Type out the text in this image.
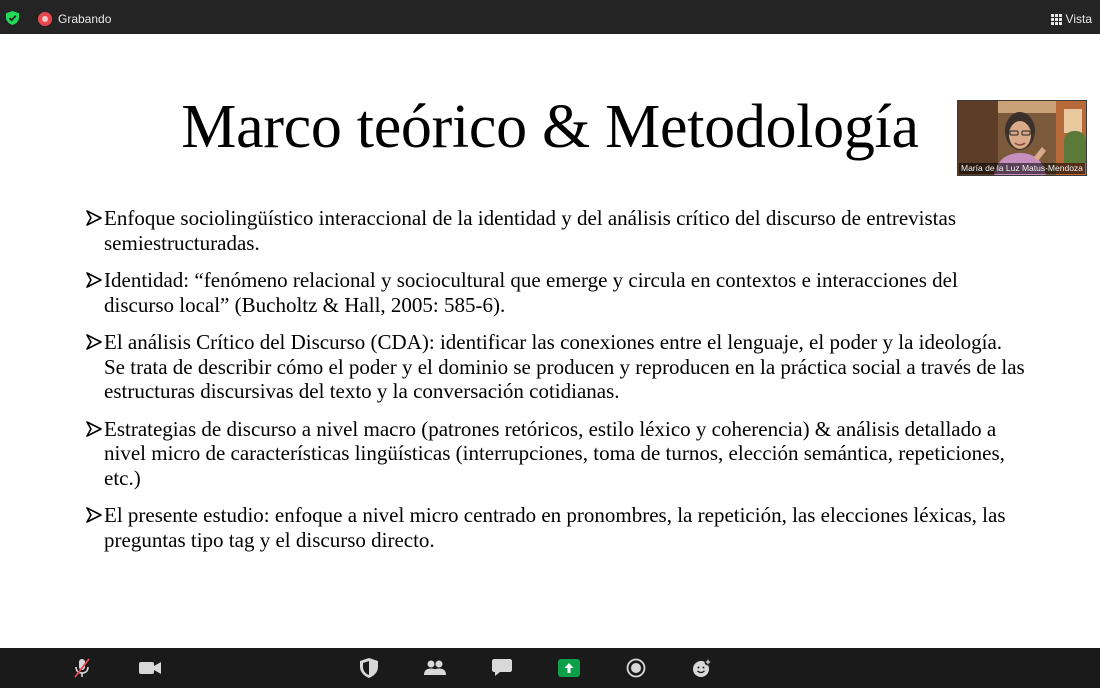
Grabando	Vista
Marco teórico & Metodología
Enfoque sociolingüístico interaccional de la identidad y del análisis crítico del discurso de entrevistas semiestructuradas.
Identidad: “fenómeno relacional y sociocultural que emerge y circula en contextos e interacciones del discurso local” (Bucholtz & Hall, 2005: 585-6).
El análisis Crítico del Discurso (CDA): identificar las conexiones entre el lenguaje, el poder y la ideología. Se trata de describir cómo el poder y el dominio se producen y reproducen en la práctica social a través de las estructuras discursivas del texto y la conversación cotidianas.
Estrategias de discurso a nivel macro (patrones retóricos, estilo léxico y coherencia) & análisis detallado a nivel micro de características lingüísticas (interrupciones, toma de turnos, elección semántica, repeticiones, etc.)
El presente estudio: enfoque a nivel micro centrado en pronombres, la repetición, las elecciones léxicas, las preguntas tipo tag y el discurso directo.
María de la Luz Matus-Mendoza
